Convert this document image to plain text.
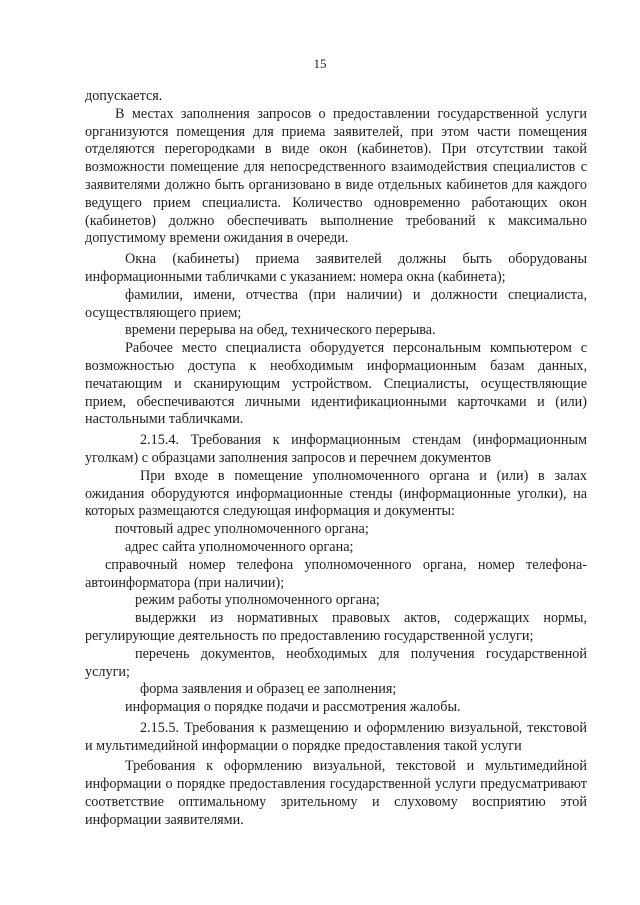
15

допускается.

В местах заполнения запросов о предоставлении государственной услуги организуются помещения для приема заявителей, при этом части помещения отделяются перегородками в виде окон (кабинетов). При отсутствии такой возможности помещение для непосредственного взаимодействия специалистов с заявителями должно быть организовано в виде отдельных кабинетов для каждого ведущего прием специалиста. Количество одновременно работающих окон (кабинетов) должно обеспечивать выполнение требований к максимально допустимому времени ожидания в очереди.

Окна (кабинеты) приема заявителей должны быть оборудованы информационными табличками с указанием: номера окна (кабинета);

фамилии, имени, отчества (при наличии) и должности специалиста, осуществляющего прием;

времени перерыва на обед, технического перерыва.

Рабочее место специалиста оборудуется персональным компьютером с возможностью доступа к необходимым информационным базам данных, печатающим и сканирующим устройством. Специалисты, осуществляющие прием, обеспечиваются личными идентификационными карточками и (или) настольными табличками.

2.15.4. Требования к информационным стендам (информационным уголкам) с образцами заполнения запросов и перечнем документов

При входе в помещение уполномоченного органа и (или) в залах ожидания оборудуются информационные стенды (информационные уголки), на которых размещаются следующая информация и документы:

почтовый адрес уполномоченного органа;

адрес сайта уполномоченного органа;

справочный номер телефона уполномоченного органа, номер телефона-автоинформатора (при наличии);

режим работы уполномоченного органа;

выдержки из нормативных правовых актов, содержащих нормы, регулирующие деятельность по предоставлению государственной услуги;

перечень документов, необходимых для получения государственной услуги;

форма заявления и образец ее заполнения;

информация о порядке подачи и рассмотрения жалобы.

2.15.5. Требования к размещению и оформлению визуальной, текстовой и мультимедийной информации о порядке предоставления такой услуги

Требования к оформлению визуальной, текстовой и мультимедийной информации о порядке предоставления государственной услуги предусматривают соответствие оптимальному зрительному и слуховому восприятию этой информации заявителями.
